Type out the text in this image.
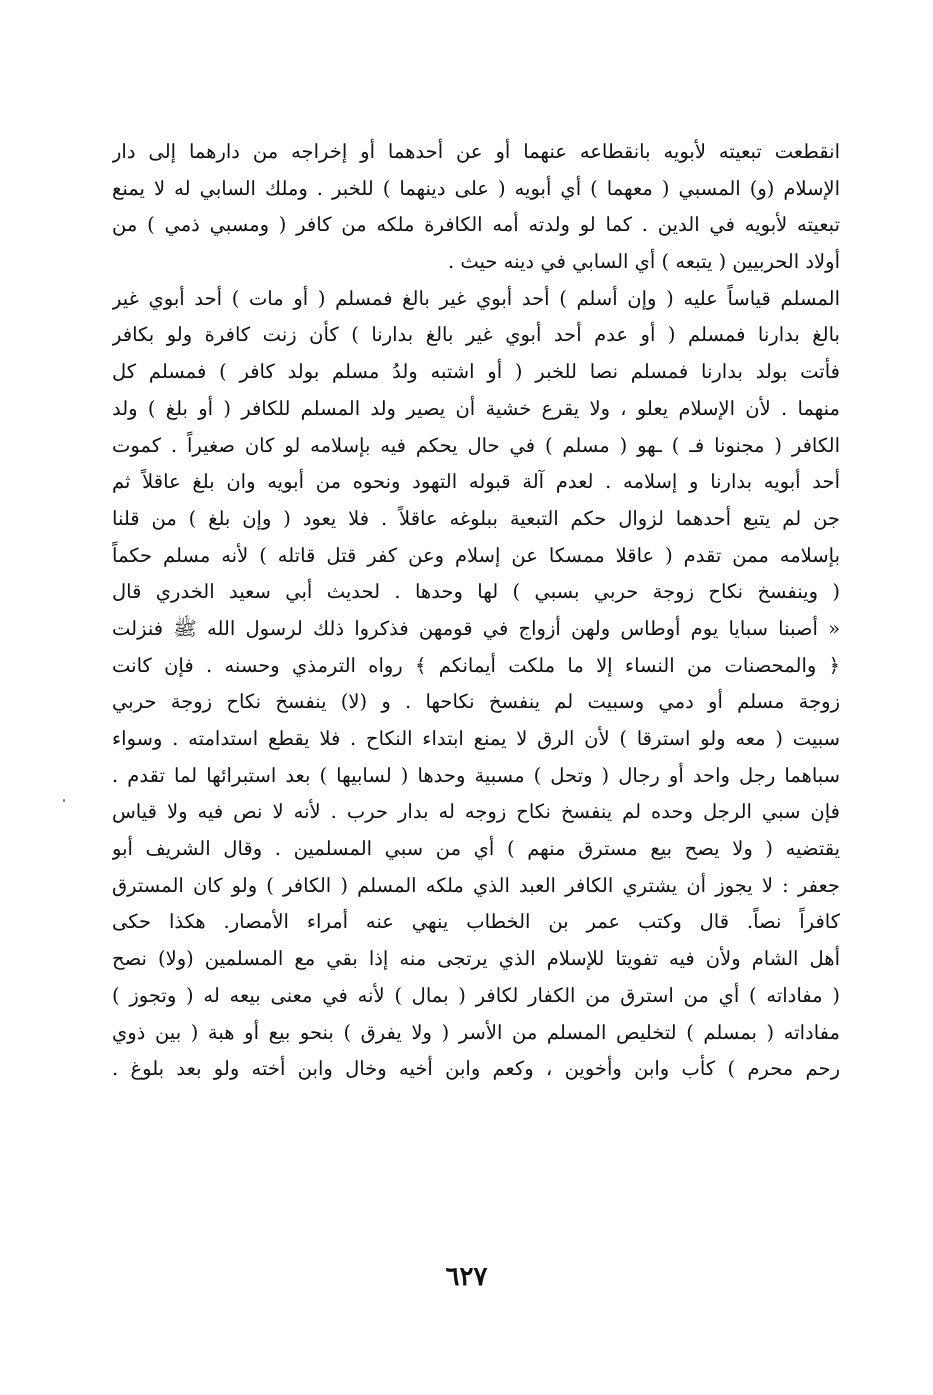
انقطعت تبعيته لأبويه بانقطاعه عنهما أو عن أحدهما أو إخراجه من دارهما إلى دار
الإسلام (و) المسبي ( معهما ) أي أبويه ( على دينهما ) للخبر . وملك السابي له لا يمنع
تبعيته لأبويه في الدين . كما لو ولدته أمه الكافرة ملكه من كافر ( ومسبي ذمي ) من
أولاد الحربيين ( يتبعه ) أي السابي في دينه حيث .
المسلم قياساً عليه ( وإن أسلم ) أحد أبوي غير بالغ فمسلم ( أو مات ) أحد أبوي غير
بالغ بدارنا فمسلم ( أو عدم أحد أبوي غير بالغ بدارنا ) كأن زنت كافرة ولو بكافر
فأتت بولد بدارنا فمسلم نصا للخبر ( أو اشتبه ولدُ مسلم بولد كافر ) فمسلم كل
منهما . لأن الإسلام يعلو ، ولا يقرع خشية أن يصير ولد المسلم للكافر ( أو بلغ ) ولد
الكافر ( مجنونا فـ ) ـهو ( مسلم ) في حال يحكم فيه بإسلامه لو كان صغيراً . كموت
أحد أبويه بدارنا و إسلامه . لعدم آلة قبوله التهود ونحوه من أبويه وان بلغ عاقلاً ثم
جن لم يتبع أحدهما لزوال حكم التبعية ببلوغه عاقلاً . فلا يعود ( وإن بلغ ) من قلنا
بإسلامه ممن تقدم ( عاقلا ممسكا عن إسلام وعن كفر قتل قاتله ) لأنه مسلم حكماً
( وينفسخ نكاح زوجة حربي بسبي ) لها وحدها . لحديث أبي سعيد الخدري قال
« أصبنا سبايا يوم أوطاس ولهن أزواج في قومهن فذكروا ذلك لرسول الله ﷺ فنزلت
﴿ والمحصنات من النساء إلا ما ملكت أيمانكم ﴾ رواه الترمذي وحسنه . فإن كانت
زوجة مسلم أو دمي وسبيت لم ينفسخ نكاحها . و (لا) ينفسخ نكاح زوجة حربي
سبيت ( معه ولو استرقا ) لأن الرق لا يمنع ابتداء النكاح . فلا يقطع استدامته . وسواء
سباهما رجل واحد أو رجال ( وتحل ) مسبية وحدها ( لسابيها ) بعد استبرائها لما تقدم .
فإن سبي الرجل وحده لم ينفسخ نكاح زوجه له بدار حرب . لأنه لا نص فيه ولا قياس
يقتضيه ( ولا يصح بيع مسترق منهم ) أي من سبي المسلمين . وقال الشريف أبو
جعفر : لا يجوز أن يشتري الكافر العبد الذي ملكه المسلم ( الكافر ) ولو كان المسترق
كافراً نصاً. قال وكتب عمر بن الخطاب ينهي عنه أمراء الأمصار. هكذا حكى
أهل الشام ولأن فيه تفويتا للإسلام الذي يرتجى منه إذا بقي مع المسلمين (ولا) نصح
( مفاداته ) أي من استرق من الكفار لكافر ( بمال ) لأنه في معنى بيعه له ( وتجوز )
مفاداته ( بمسلم ) لتخليص المسلم من الأسر ( ولا يفرق ) بنحو بيع أو هبة ( بين ذوي
رحم محرم ) كأب وابن وأخوين ، وكعم وابن أخيه وخال وابن أخته ولو بعد بلوغ .
٦٢٧
